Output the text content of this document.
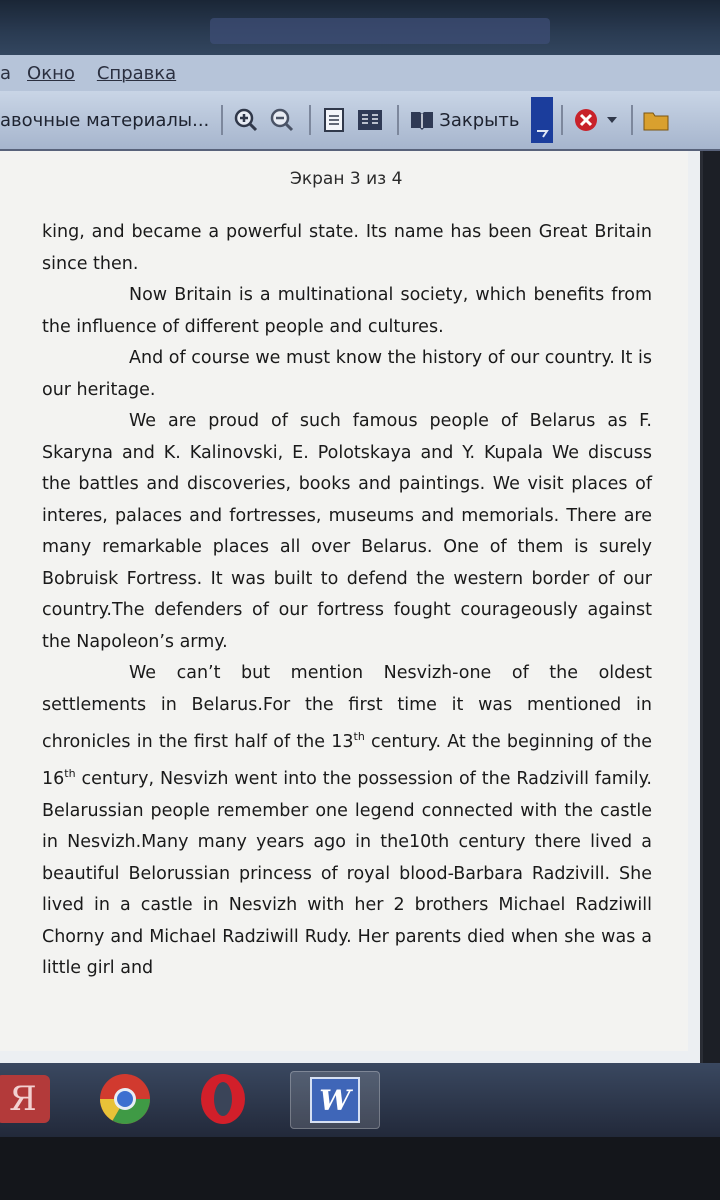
а Окно Справка
авочные материалы...	Закрыть
Экран 3 из 4

king, and became a powerful state. Its name has been Great Britain since then.

Now Britain is a multinational society, which benefits from the influence of different people and cultures.

And of course we must know the history of our country. It is our heritage.

We are proud of such famous people of Belarus as F. Skaryna and K. Kalinovski, E. Polotskaya and Y. Kupala We discuss the battles and discoveries, books and paintings. We visit places of interes, palaces and fortresses, museums and memorials. There are many remarkable places all over Belarus. One of them is surely Bobruisk Fortress. It was built to defend the western border of our country.The defenders of our fortress fought courageously against the Napoleon’s army.

We can’t but mention Nesvizh-one of the oldest settlements in Belarus.For the first time it was mentioned in chronicles in the first half of the 13th century. At the beginning of the 16th century, Nesvizh went into the possession of the Radzivill family. Belarussian people remember one legend connected with the castle in Nesvizh.Many many years ago in the10th century there lived a beautiful Belorussian princess of royal blood-Barbara Radzivill. She lived in a castle in Nesvizh with her 2 brothers Michael Radziwill Chorny and Michael Radziwill Rudy. Her parents died when she was a little girl and

Я	W
